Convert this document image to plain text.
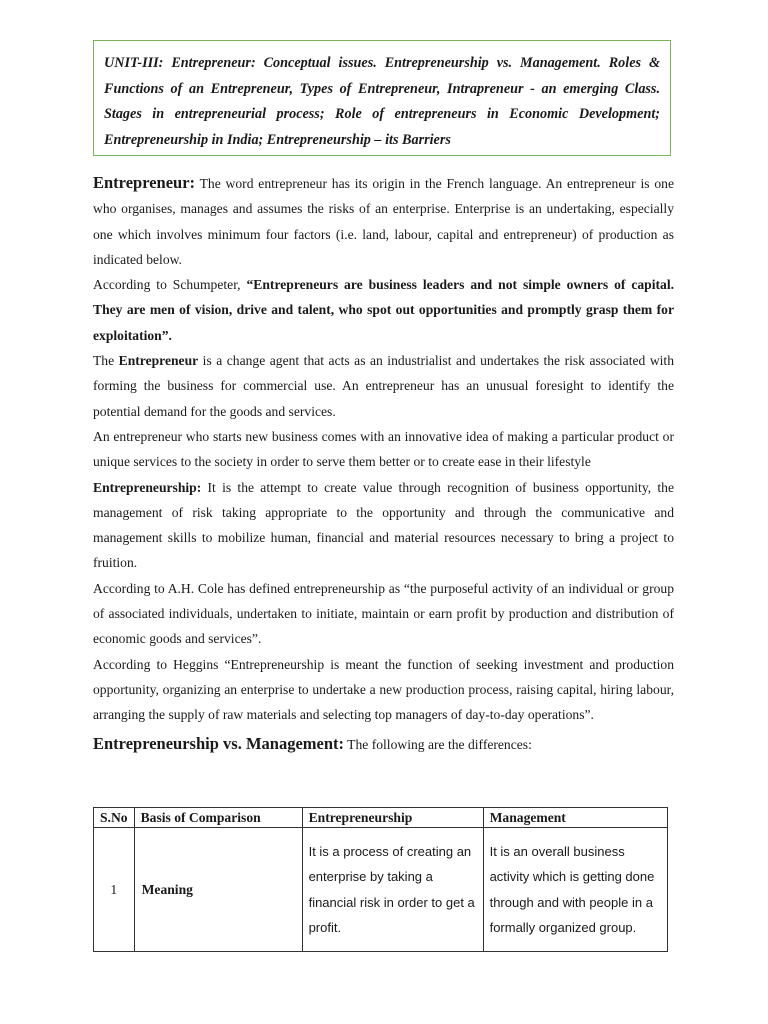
UNIT-III: Entrepreneur: Conceptual issues. Entrepreneurship vs. Management. Roles & Functions of an Entrepreneur, Types of Entrepreneur, Intrapreneur - an emerging Class. Stages in entrepreneurial process; Role of entrepreneurs in Economic Development; Entrepreneurship in India; Entrepreneurship – its Barriers

Entrepreneur: The word entrepreneur has its origin in the French language. An entrepreneur is one who organises, manages and assumes the risks of an enterprise. Enterprise is an undertaking, especially one which involves minimum four factors (i.e. land, labour, capital and entrepreneur) of production as indicated below.

According to Schumpeter, “Entrepreneurs are business leaders and not simple owners of capital. They are men of vision, drive and talent, who spot out opportunities and promptly grasp them for exploitation”.

The Entrepreneur is a change agent that acts as an industrialist and undertakes the risk associated with forming the business for commercial use. An entrepreneur has an unusual foresight to identify the potential demand for the goods and services.

An entrepreneur who starts new business comes with an innovative idea of making a particular product or unique services to the society in order to serve them better or to create ease in their lifestyle

Entrepreneurship: It is the attempt to create value through recognition of business opportunity, the management of risk taking appropriate to the opportunity and through the communicative and management skills to mobilize human, financial and material resources necessary to bring a project to fruition.

According to A.H. Cole has defined entrepreneurship as “the purposeful activity of an individual or group of associated individuals, undertaken to initiate, maintain or earn profit by production and distribution of economic goods and services”.

According to Heggins “Entrepreneurship is meant the function of seeking investment and production opportunity, organizing an enterprise to undertake a new production process, raising capital, hiring labour, arranging the supply of raw materials and selecting top managers of day-to-day operations”.

Entrepreneurship vs. Management: The following are the differences:

S.No	Basis of Comparison	Entrepreneurship	Management
1	Meaning	It is a process of creating an enterprise by taking a financial risk in order to get a profit.	It is an overall business activity which is getting done through and with people in a formally organized group.
